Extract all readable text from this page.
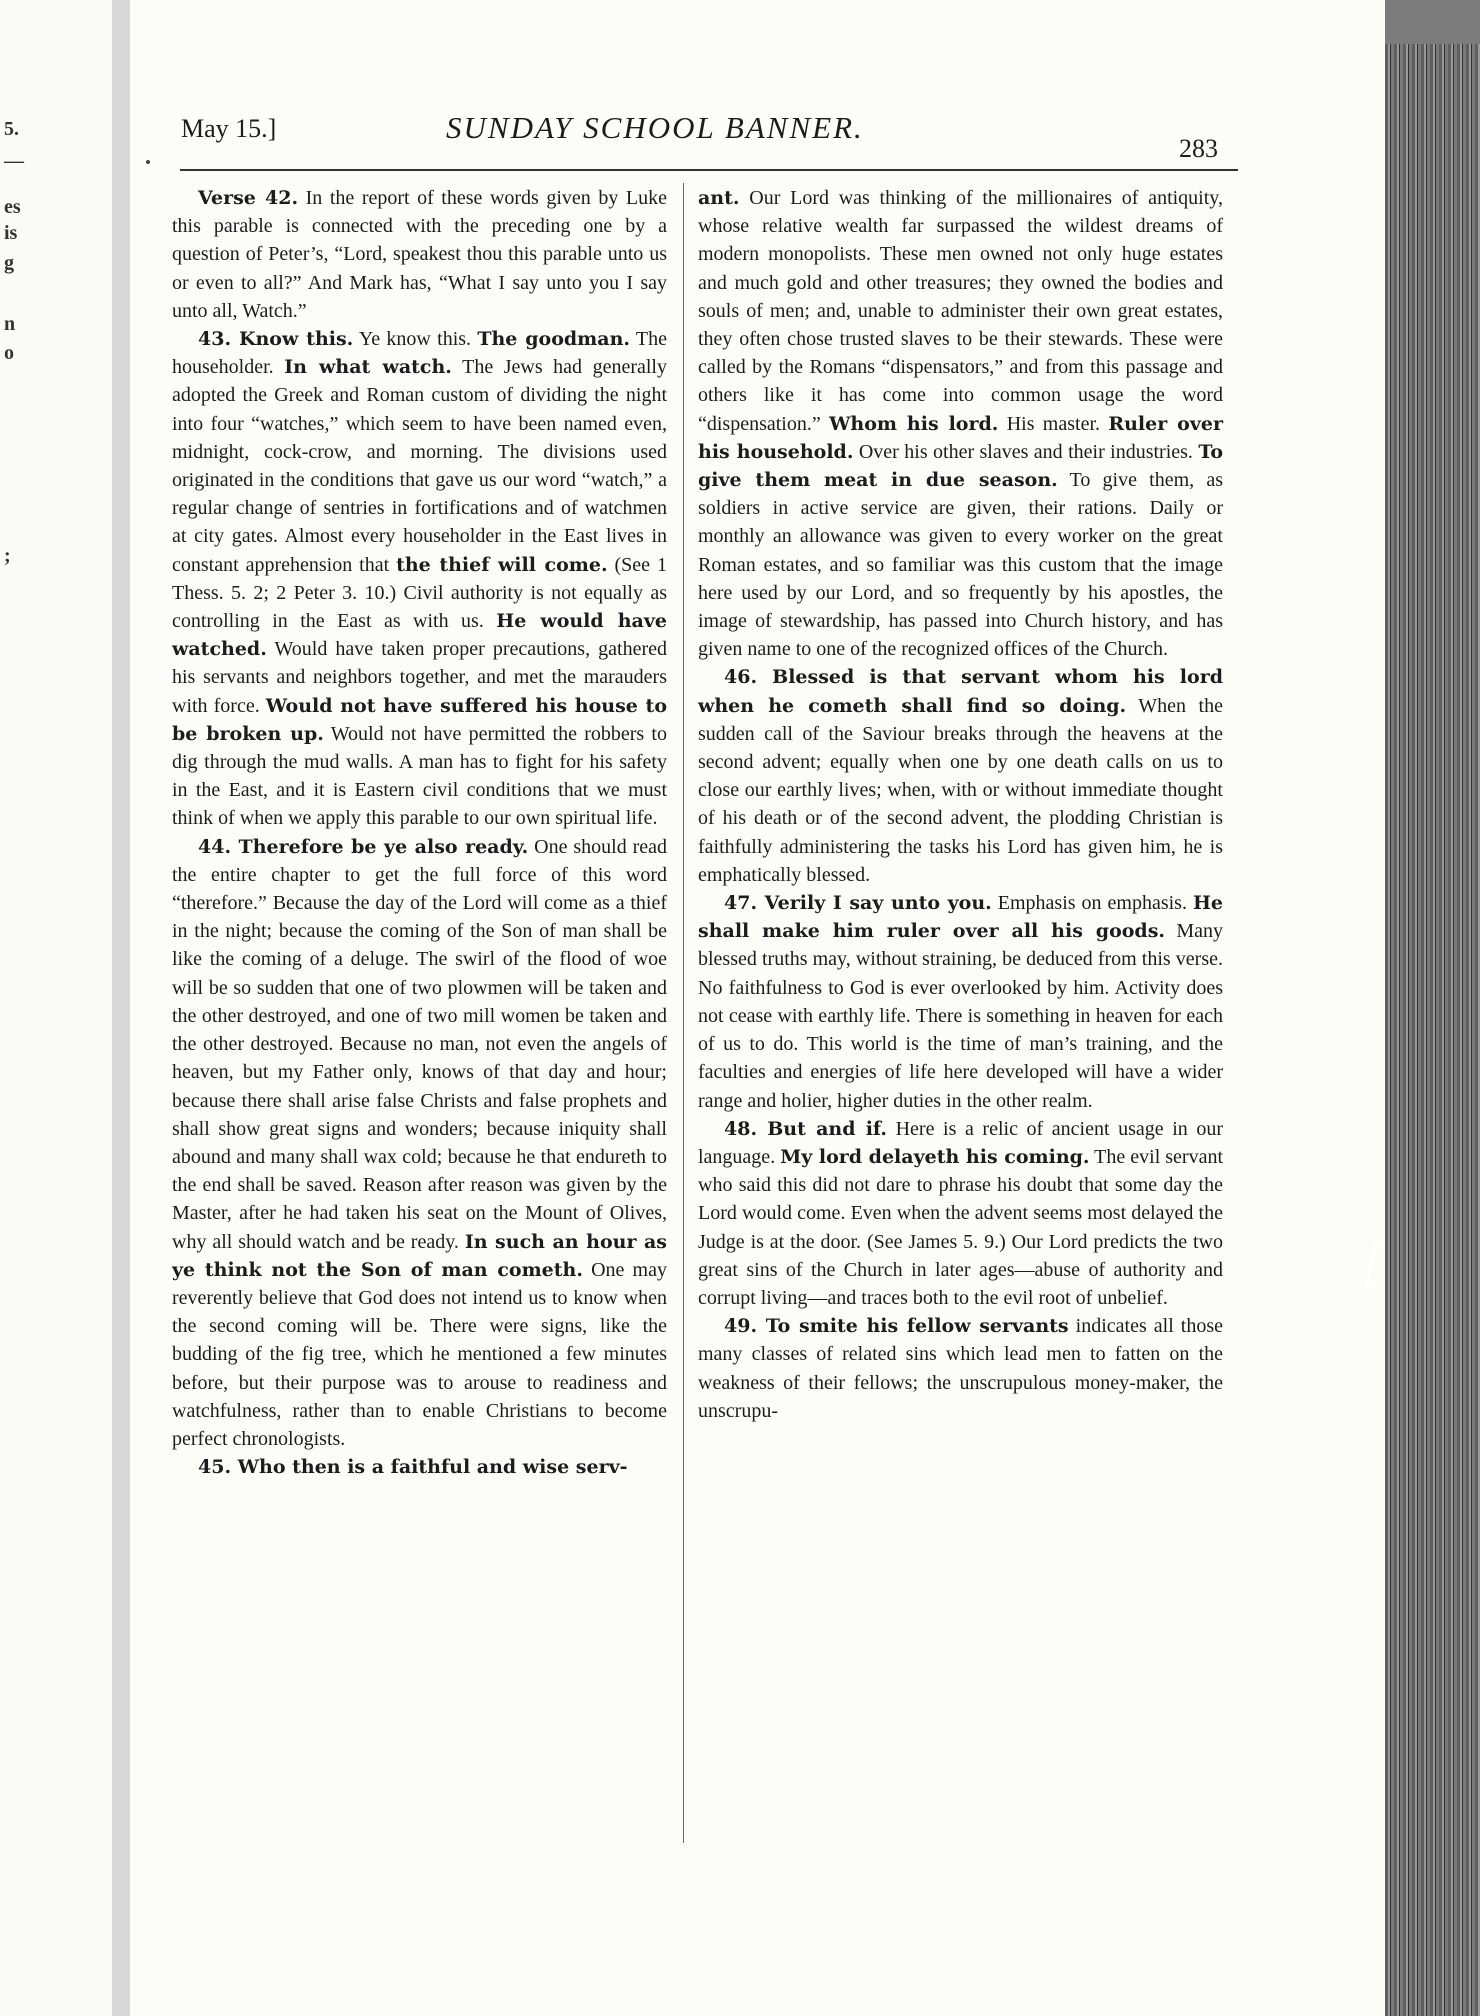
5.
—
es
is
g
n
o
;
May 15.]	SUNDAY SCHOOL BANNER.
283

Verse 42. In the report of these words given by Luke this parable is connected with the preceding one by a question of Peter’s, “Lord, speakest thou this parable unto us or even to all?” And Mark has, “What I say unto you I say unto all, Watch.”

43. Know this. Ye know this. The goodman. The householder. In what watch. The Jews had generally adopted the Greek and Roman custom of dividing the night into four “watches,” which seem to have been named even, midnight, cock-crow, and morning. The divisions used originated in the conditions that gave us our word “watch,” a regular change of sentries in fortifications and of watchmen at city gates. Almost every householder in the East lives in constant apprehension that the thief will come. (See 1 Thess. 5. 2; 2 Peter 3. 10.) Civil authority is not equally as controlling in the East as with us. He would have watched. Would have taken proper precautions, gathered his servants and neighbors together, and met the marauders with force. Would not have suffered his house to be broken up. Would not have permitted the robbers to dig through the mud walls. A man has to fight for his safety in the East, and it is Eastern civil conditions that we must think of when we apply this parable to our own spiritual life.

44. Therefore be ye also ready. One should read the entire chapter to get the full force of this word “therefore.” Because the day of the Lord will come as a thief in the night; because the coming of the Son of man shall be like the coming of a deluge. The swirl of the flood of woe will be so sudden that one of two plowmen will be taken and the other destroyed, and one of two mill women be taken and the other destroyed. Because no man, not even the angels of heaven, but my Father only, knows of that day and hour; because there shall arise false Christs and false prophets and shall show great signs and wonders; because iniquity shall abound and many shall wax cold; because he that endureth to the end shall be saved. Reason after reason was given by the Master, after he had taken his seat on the Mount of Olives, why all should watch and be ready. In such an hour as ye think not the Son of man cometh. One may reverently believe that God does not intend us to know when the second coming will be. There were signs, like the budding of the fig tree, which he mentioned a few minutes before, but their purpose was to arouse to readiness and watchfulness, rather than to enable Christians to become perfect chronologists.

45. Who then is a faithful and wise serv-

ant. Our Lord was thinking of the millionaires of antiquity, whose relative wealth far surpassed the wildest dreams of modern monopolists. These men owned not only huge estates and much gold and other treasures; they owned the bodies and souls of men; and, unable to administer their own great estates, they often chose trusted slaves to be their stewards. These were called by the Romans “dispensators,” and from this passage and others like it has come into common usage the word “dispensation.” Whom his lord. His master. Ruler over his household. Over his other slaves and their industries. To give them meat in due season. To give them, as soldiers in active service are given, their rations. Daily or monthly an allowance was given to every worker on the great Roman estates, and so familiar was this custom that the image here used by our Lord, and so frequently by his apostles, the image of stewardship, has passed into Church history, and has given name to one of the recognized offices of the Church.

46. Blessed is that servant whom his lord when he cometh shall find so doing. When the sudden call of the Saviour breaks through the heavens at the second advent; equally when one by one death calls on us to close our earthly lives; when, with or without immediate thought of his death or of the second advent, the plodding Christian is faithfully administering the tasks his Lord has given him, he is emphatically blessed.

47. Verily I say unto you. Emphasis on emphasis. He shall make him ruler over all his goods. Many blessed truths may, without straining, be deduced from this verse. No faithfulness to God is ever overlooked by him. Activity does not cease with earthly life. There is something in heaven for each of us to do. This world is the time of man’s training, and the faculties and energies of life here developed will have a wider range and holier, higher duties in the other realm.

48. But and if. Here is a relic of ancient usage in our language. My lord delayeth his coming. The evil servant who said this did not dare to phrase his doubt that some day the Lord would come. Even when the advent seems most delayed the Judge is at the door. (See James 5. 9.) Our Lord predicts the two great sins of the Church in later ages—abuse of authority and corrupt living—and traces both to the evil root of unbelief.

49. To smite his fellow servants indicates all those many classes of related sins which lead men to fatten on the weakness of their fellows; the unscrupulous money-maker, the unscrupu-
